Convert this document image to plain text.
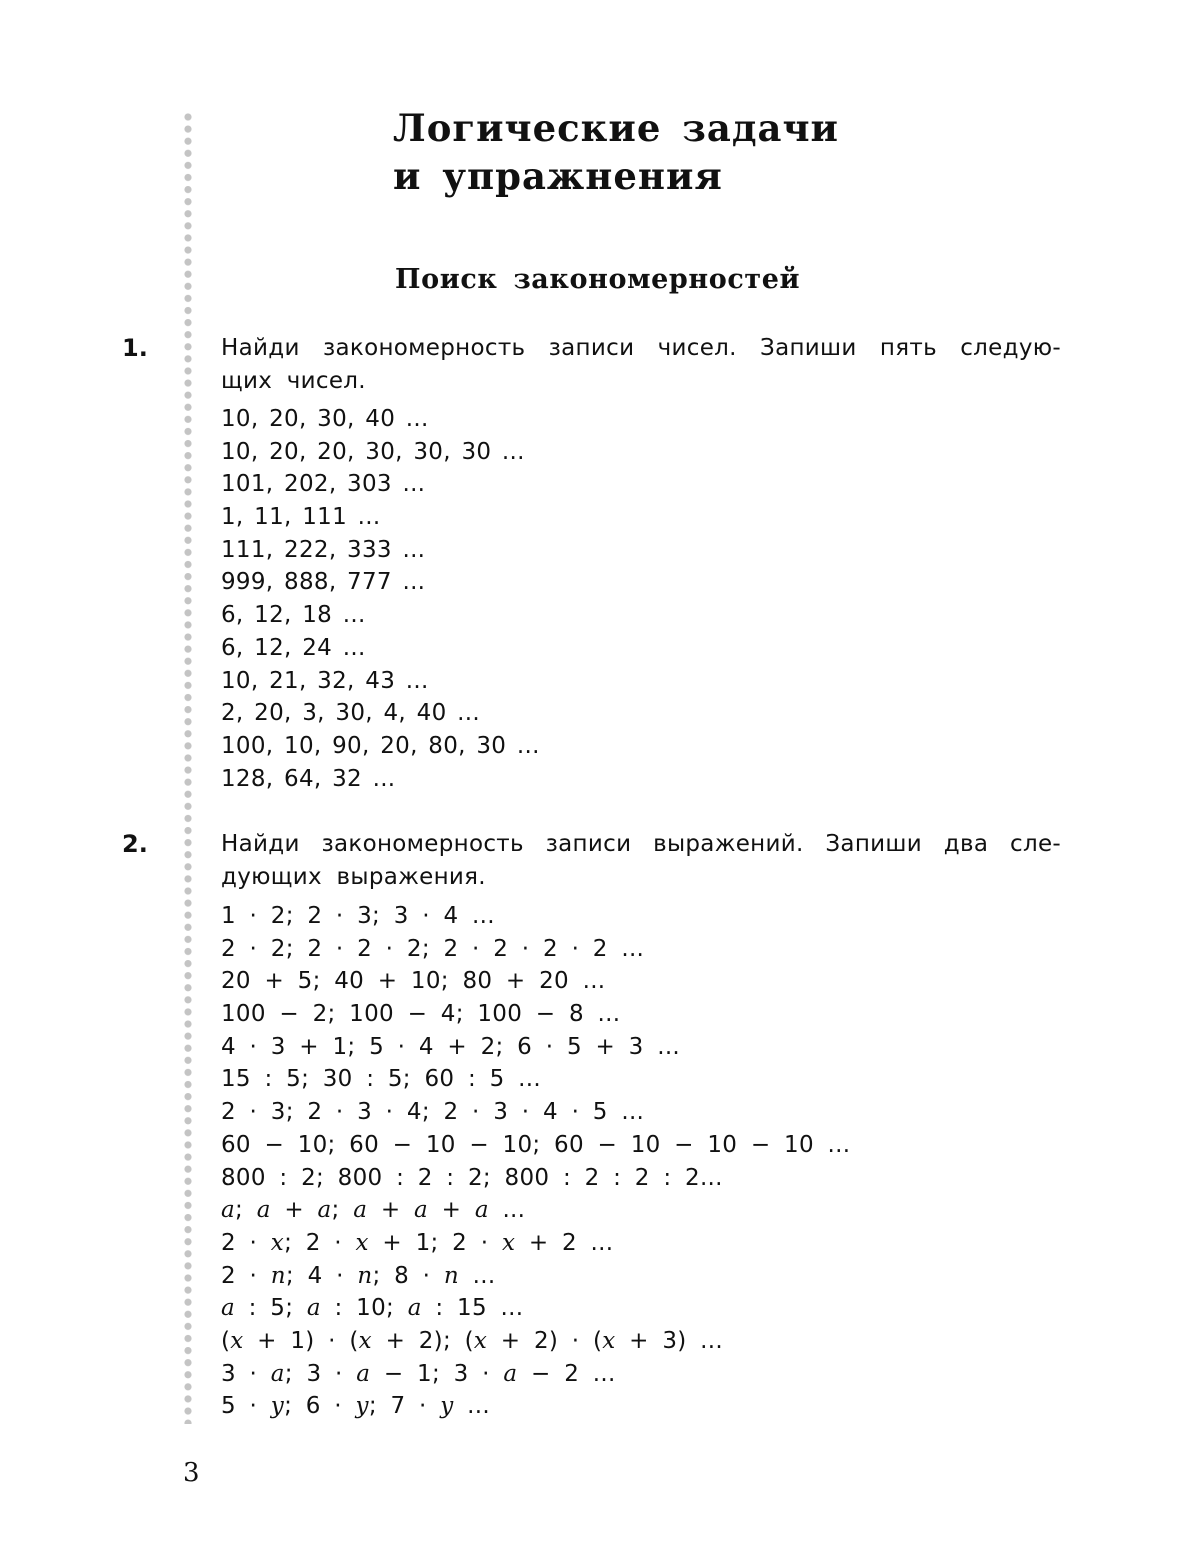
Логические задачи
и упражнения
Поиск закономерностей
1.	Найди закономерность записи чисел. Запиши пять следую- щих чисел.
10, 20, 30, 40 ...
10, 20, 20, 30, 30, 30 ...
101, 202, 303 ...
1, 11, 111 ...
111, 222, 333 ...
999, 888, 777 ...
6, 12, 18 ...
6, 12, 24 ...
10, 21, 32, 43 ...
2, 20, 3, 30, 4, 40 ...
100, 10, 90, 20, 80, 30 ...
128, 64, 32 ...
2.	Найди закономерность записи выражений. Запиши два сле- дующих выражения.
1 · 2; 2 · 3; 3 · 4 ...
2 · 2; 2 · 2 · 2; 2 · 2 · 2 · 2 ...
20 + 5; 40 + 10; 80 + 20 ...
100 − 2; 100 − 4; 100 − 8 ...
4 · 3 + 1; 5 · 4 + 2; 6 · 5 + 3 ...
15 : 5; 30 : 5; 60 : 5 ...
2 · 3; 2 · 3 · 4; 2 · 3 · 4 · 5 ...
60 − 10; 60 − 10 − 10; 60 − 10 − 10 − 10 ...
800 : 2; 800 : 2 : 2; 800 : 2 : 2 : 2...
a; a + a; a + a + a ...
2 · x; 2 · x + 1; 2 · x + 2 ...
2 · n; 4 · n; 8 · n ...
a : 5; a : 10; a : 15 ...
(x + 1) · (x + 2); (x + 2) · (x + 3) ...
3 · a; 3 · a − 1; 3 · a − 2 ...
5 · y; 6 · y; 7 · y ...
3
